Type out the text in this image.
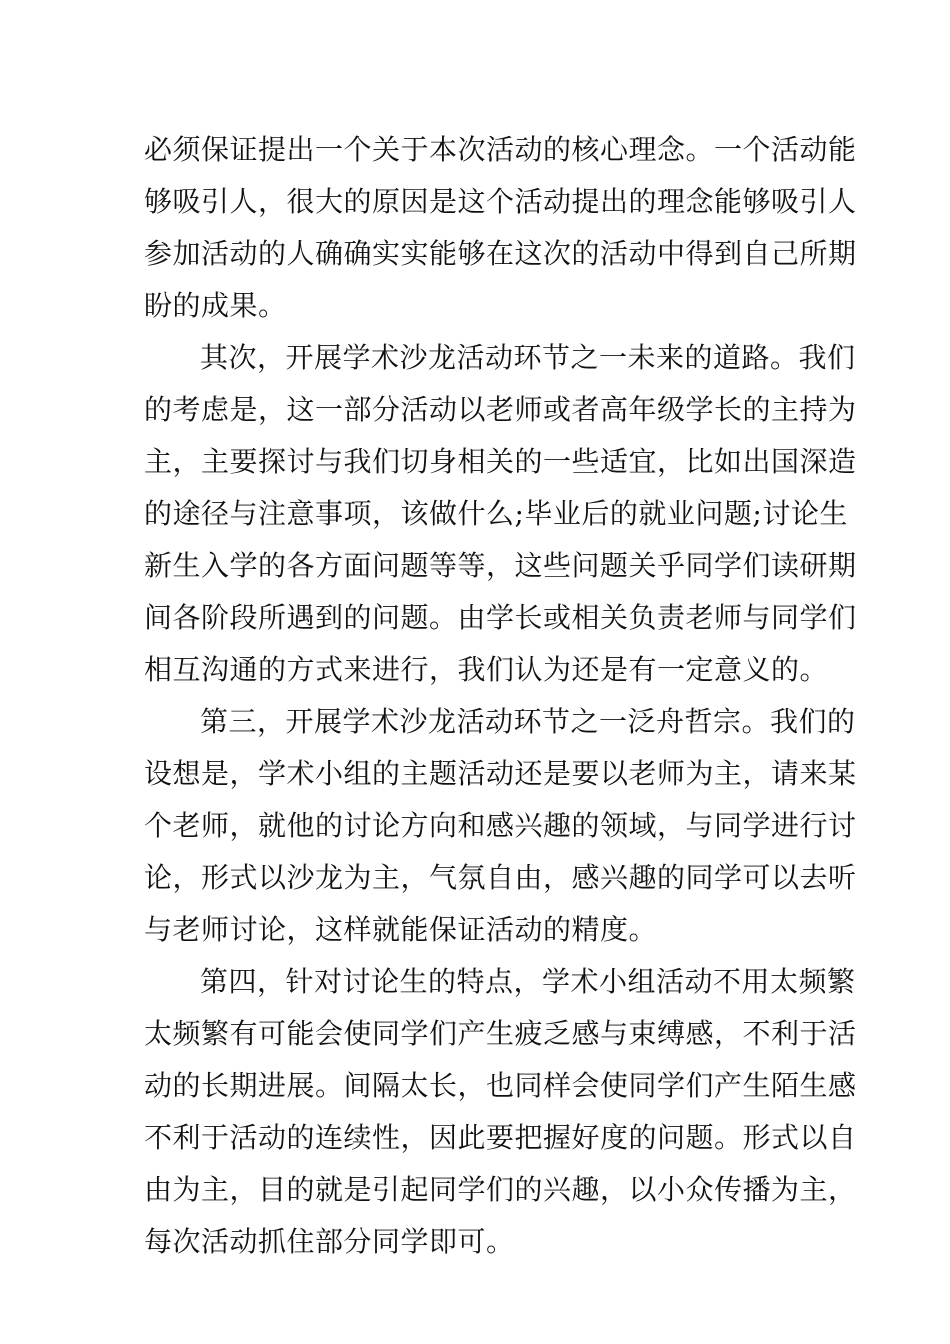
必须保证提出一个关于本次活动的核心理念。一个活动能
够吸引人，很大的原因是这个活动提出的理念能够吸引人
参加活动的人确确实实能够在这次的活动中得到自己所期
盼的成果。
其次，开展学术沙龙活动环节之一未来的道路。我们
的考虑是，这一部分活动以老师或者高年级学长的主持为
主，主要探讨与我们切身相关的一些适宜，比如出国深造
的途径与注意事项，该做什么;毕业后的就业问题;讨论生
新生入学的各方面问题等等，这些问题关乎同学们读研期
间各阶段所遇到的问题。由学长或相关负责老师与同学们
相互沟通的方式来进行，我们认为还是有一定意义的。
第三，开展学术沙龙活动环节之一泛舟哲宗。我们的
设想是，学术小组的主题活动还是要以老师为主，请来某
个老师，就他的讨论方向和感兴趣的领域，与同学进行讨
论，形式以沙龙为主，气氛自由，感兴趣的同学可以去听
与老师讨论，这样就能保证活动的精度。
第四，针对讨论生的特点，学术小组活动不用太频繁
太频繁有可能会使同学们产生疲乏感与束缚感，不利于活
动的长期进展。间隔太长，也同样会使同学们产生陌生感
不利于活动的连续性，因此要把握好度的问题。形式以自
由为主，目的就是引起同学们的兴趣，以小众传播为主，
每次活动抓住部分同学即可。
